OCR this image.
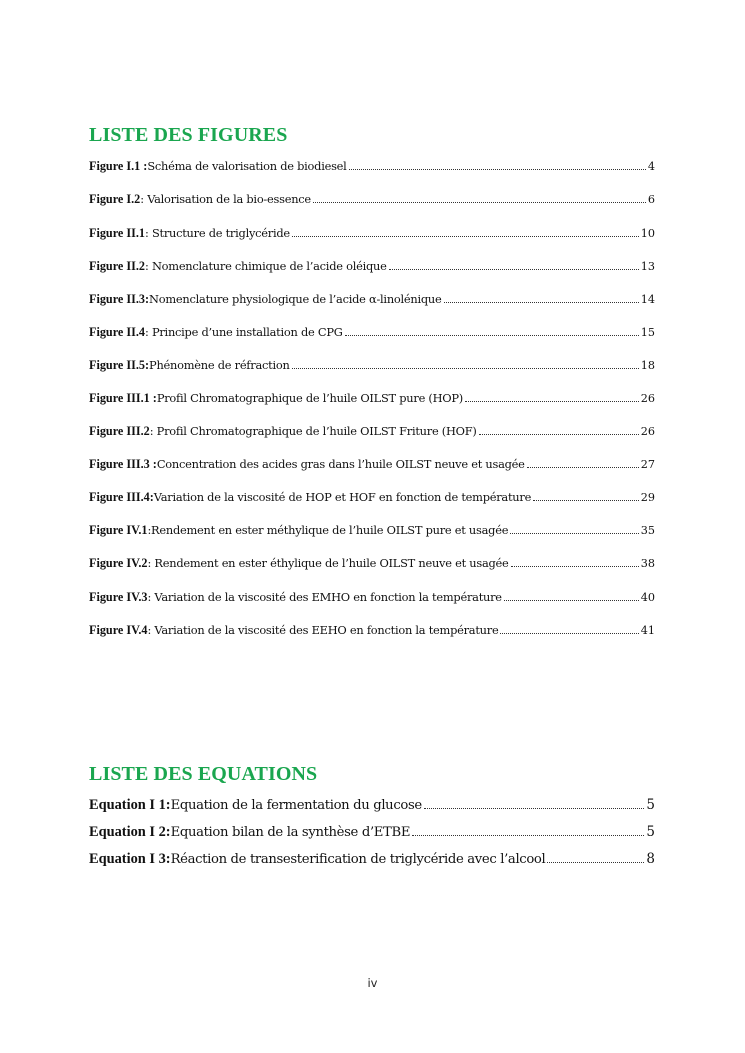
LISTE DES FIGURES
Figure I.1 : Schéma de valorisation de biodiesel	4
Figure I.2 : Valorisation de la bio-essence	6
Figure II.1 : Structure de triglycéride	10
Figure II.2 : Nomenclature chimique de l’acide oléique	13
Figure II.3: Nomenclature physiologique de l’acide α-linolénique	14
Figure II.4 : Principe d’une installation de CPG	15
Figure II.5: Phénomène de réfraction	18
Figure III.1 : Profil Chromatographique de l’huile OILST pure (HOP)	26
Figure III.2 : Profil Chromatographique de l’huile OILST Friture (HOF)	26
Figure III.3 : Concentration des acides gras dans l’huile OILST neuve et usagée	27
Figure III.4: Variation de la viscosité de HOP et HOF en fonction de température	29
Figure IV.1 :Rendement en ester méthylique de l’huile OILST pure et usagée	35
Figure IV.2 : Rendement en ester éthylique de l’huile OILST neuve et usagée	38
Figure IV.3 : Variation de la viscosité des EMHO en fonction la température	40
Figure IV.4 : Variation de la viscosité des EEHO en fonction la température	41
LISTE DES EQUATIONS
Equation I 1: Equation de la fermentation du glucose	5
Equation I 2: Equation bilan de la synthèse d’ETBE	5
Equation I 3: Réaction de transesterification de triglycéride avec l’alcool	8
iv
